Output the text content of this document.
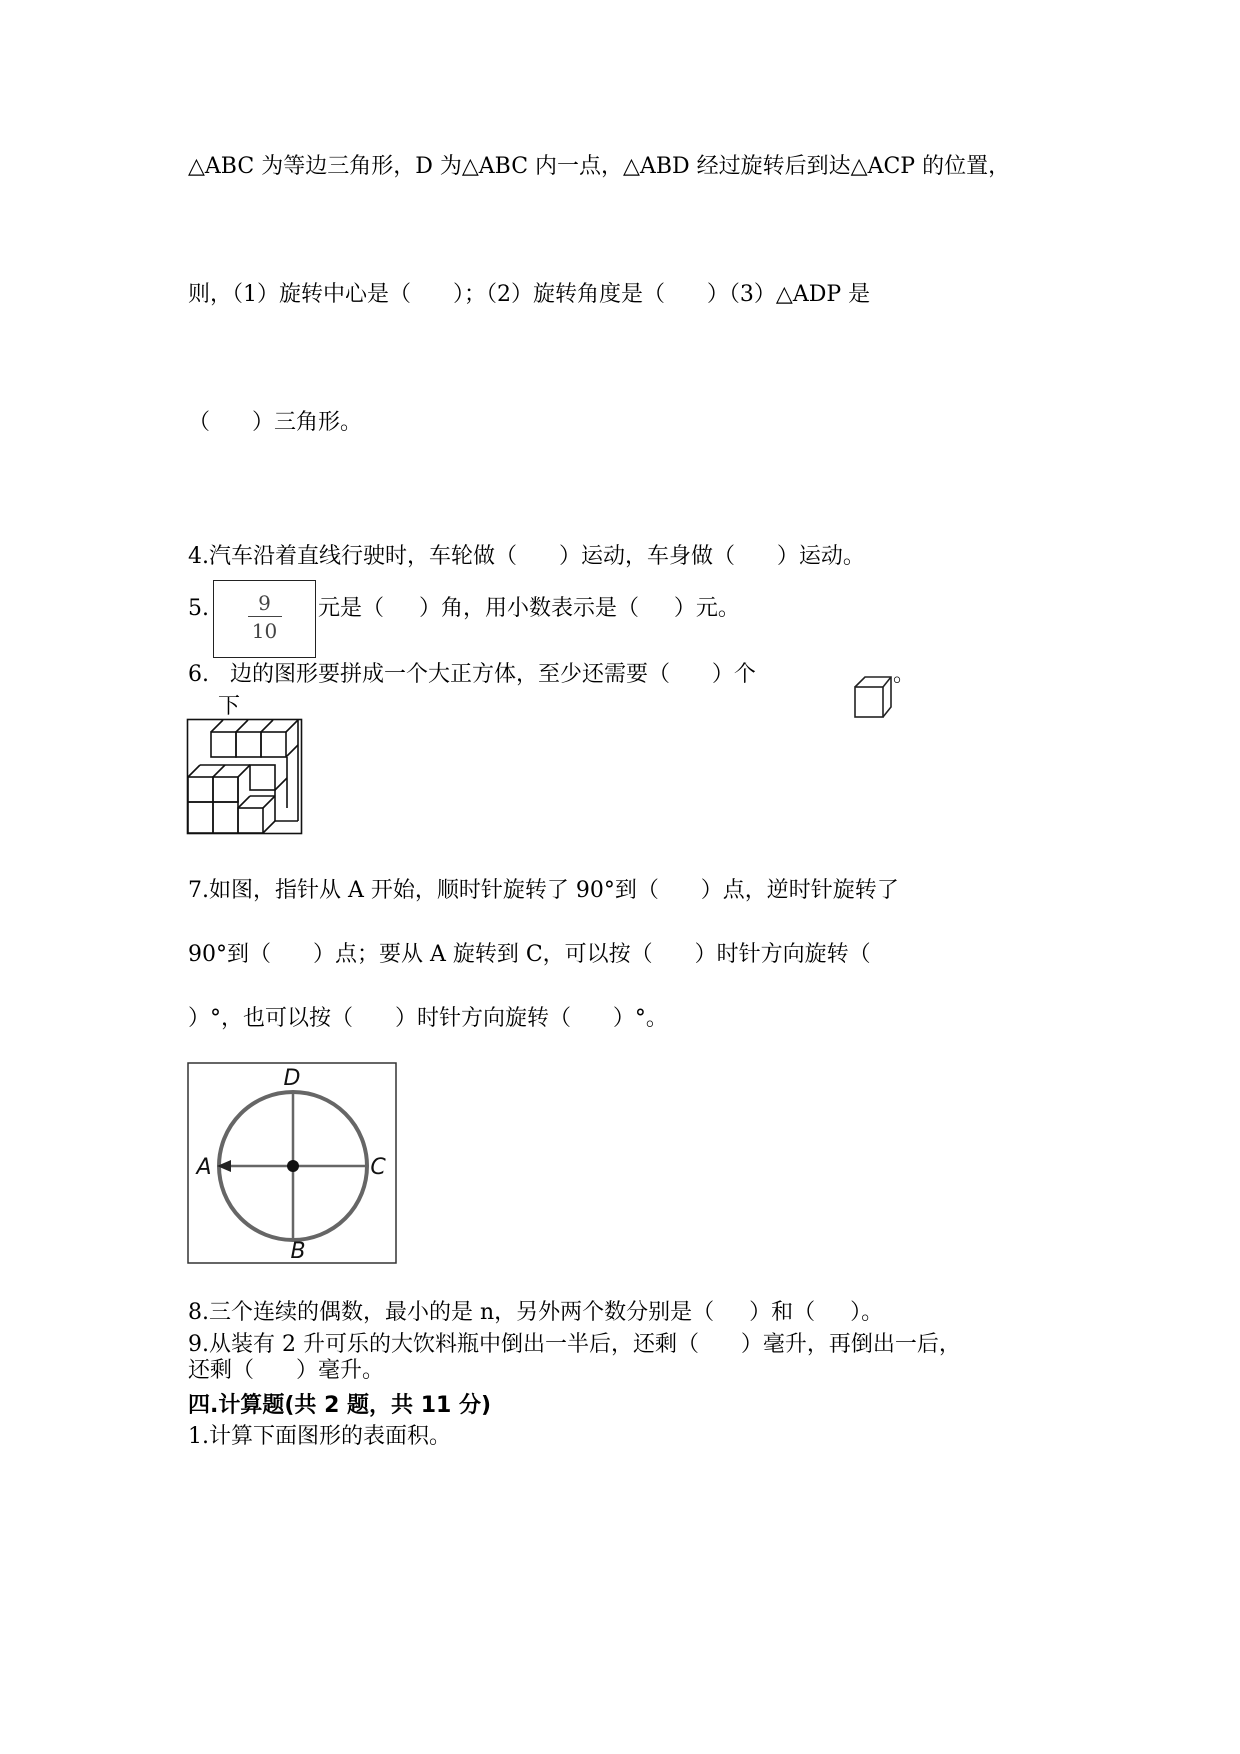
△ABC 为等边三角形，D 为△ABC 内一点，△ABD 经过旋转后到达△ACP 的位置，
则，（1）旋转中心是（      ）；（2）旋转角度是（      ）（3）△ADP 是
（      ）三角形。
4.汽车沿着直线行驶时，车轮做（      ）运动，车身做（      ）运动。
5.	9
10
元是（     ）角，用小数表示是（     ）元。
6.   边的图形要拼成一个大正方体，至少还需要（      ）个	。
下
7.如图，指针从 A 开始，顺时针旋转了 90°到（      ）点，逆时针旋转了
90°到（      ）点；要从 A 旋转到 C，可以按（      ）时针方向旋转（
）°，也可以按（      ）时针方向旋转（      ）°。
D
B
A	C
8.三个连续的偶数，最小的是 n，另外两个数分别是（     ）和（     ）。
9.从装有 2 升可乐的大饮料瓶中倒出一半后，还剩（      ）毫升，再倒出一后，
还剩（      ）毫升。
四.计算题(共 2 题，共 11 分)
1.计算下面图形的表面积。
